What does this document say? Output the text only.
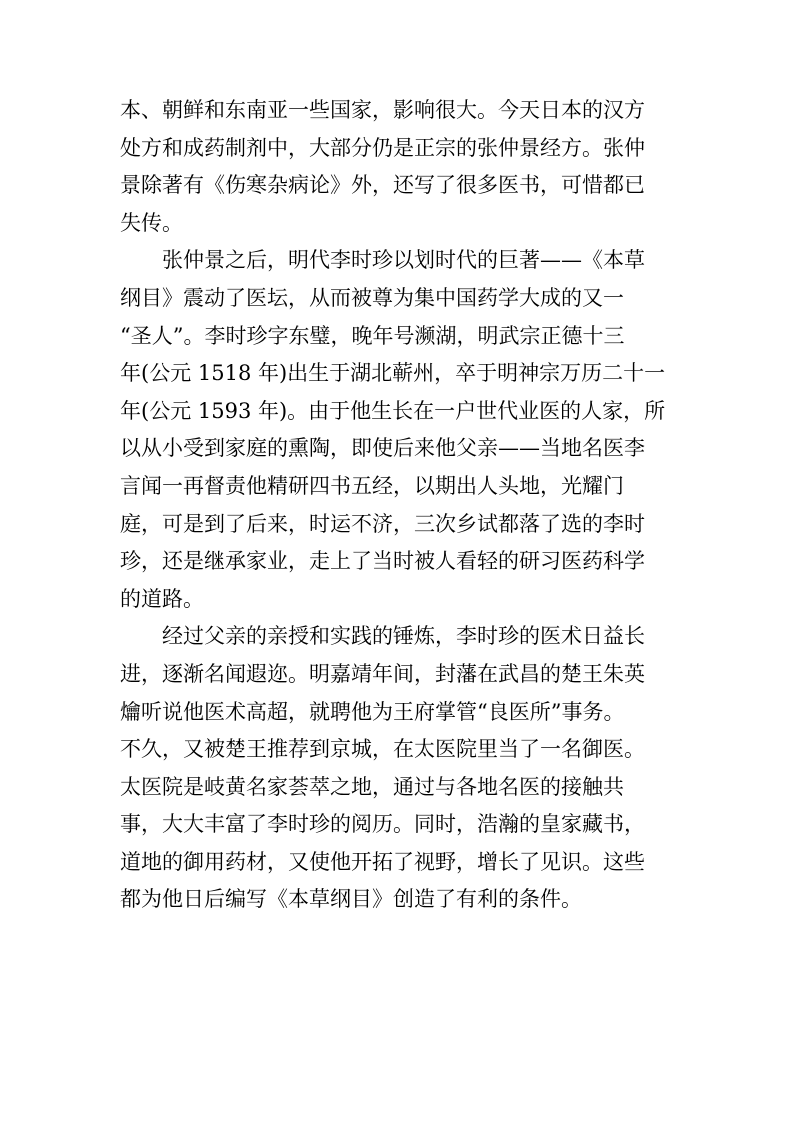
本、朝鲜和东南亚一些国家，影响很大。今天日本的汉方
处方和成药制剂中，大部分仍是正宗的张仲景经方。张仲
景除著有《伤寒杂病论》外，还写了很多医书，可惜都已
失传。
张仲景之后，明代李时珍以划时代的巨著——《本草
纲目》震动了医坛，从而被尊为集中国药学大成的又一
“圣人”。李时珍字东璧，晚年号濒湖，明武宗正德十三
年(公元 1518 年)出生于湖北蕲州，卒于明神宗万历二十一
年(公元 1593 年)。由于他生长在一户世代业医的人家，所
以从小受到家庭的熏陶，即使后来他父亲——当地名医李
言闻一再督责他精研四书五经，以期出人头地，光耀门
庭，可是到了后来，时运不济，三次乡试都落了选的李时
珍，还是继承家业，走上了当时被人看轻的研习医药科学
的道路。
经过父亲的亲授和实践的锤炼，李时珍的医术日益长
进，逐渐名闻遐迩。明嘉靖年间，封藩在武昌的楚王朱英
爚听说他医术高超，就聘他为王府掌管“良医所”事务。
不久，又被楚王推荐到京城，在太医院里当了一名御医。
太医院是岐黄名家荟萃之地，通过与各地名医的接触共
事，大大丰富了李时珍的阅历。同时，浩瀚的皇家藏书，
道地的御用药材，又使他开拓了视野，增长了见识。这些
都为他日后编写《本草纲目》创造了有利的条件。
